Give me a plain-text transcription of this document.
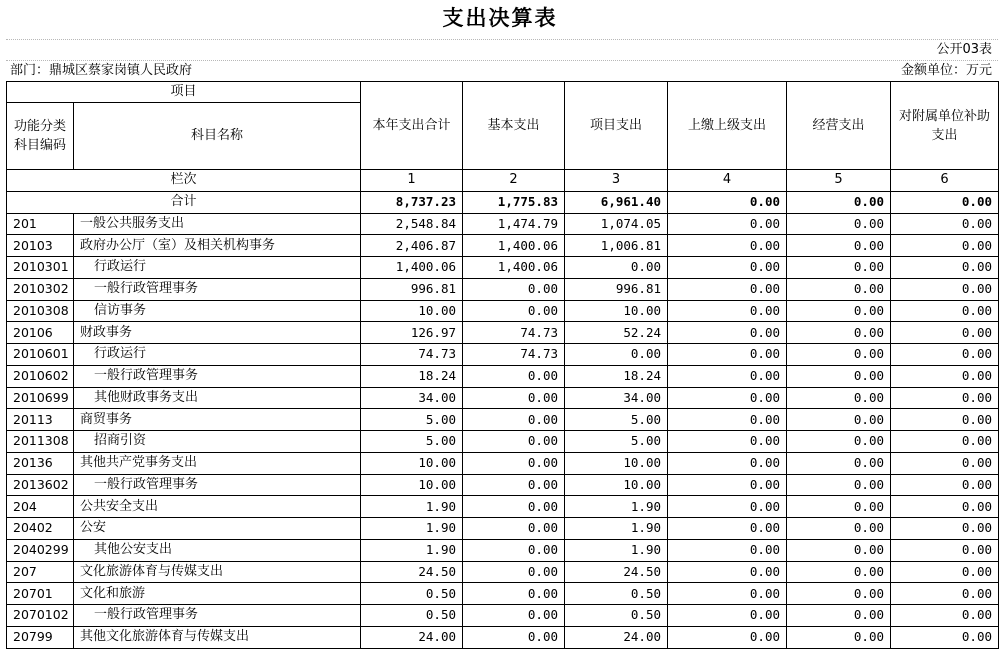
支出决算表
公开03表
部门：鼎城区蔡家岗镇人民政府	金额单位：万元
项目		本年支出合计	基本支出	项目支出	上缴上级支出	经营支出	对附属单位补助支出
功能分类科目编码	科目名称						
栏次		1	2	3	4	5	6
合计		8,737.23	1,775.83	6,961.40	0.00	0.00	0.00
201	一般公共服务支出	2,548.84	1,474.79	1,074.05	0.00	0.00	0.00
20103	政府办公厅（室）及相关机构事务	2,406.87	1,400.06	1,006.81	0.00	0.00	0.00
2010301	行政运行	1,400.06	1,400.06	0.00	0.00	0.00	0.00
2010302	一般行政管理事务	996.81	0.00	996.81	0.00	0.00	0.00
2010308	信访事务	10.00	0.00	10.00	0.00	0.00	0.00
20106	财政事务	126.97	74.73	52.24	0.00	0.00	0.00
2010601	行政运行	74.73	74.73	0.00	0.00	0.00	0.00
2010602	一般行政管理事务	18.24	0.00	18.24	0.00	0.00	0.00
2010699	其他财政事务支出	34.00	0.00	34.00	0.00	0.00	0.00
20113	商贸事务	5.00	0.00	5.00	0.00	0.00	0.00
2011308	招商引资	5.00	0.00	5.00	0.00	0.00	0.00
20136	其他共产党事务支出	10.00	0.00	10.00	0.00	0.00	0.00
2013602	一般行政管理事务	10.00	0.00	10.00	0.00	0.00	0.00
204	公共安全支出	1.90	0.00	1.90	0.00	0.00	0.00
20402	公安	1.90	0.00	1.90	0.00	0.00	0.00
2040299	其他公安支出	1.90	0.00	1.90	0.00	0.00	0.00
207	文化旅游体育与传媒支出	24.50	0.00	24.50	0.00	0.00	0.00
20701	文化和旅游	0.50	0.00	0.50	0.00	0.00	0.00
2070102	一般行政管理事务	0.50	0.00	0.50	0.00	0.00	0.00
20799	其他文化旅游体育与传媒支出	24.00	0.00	24.00	0.00	0.00	0.00
